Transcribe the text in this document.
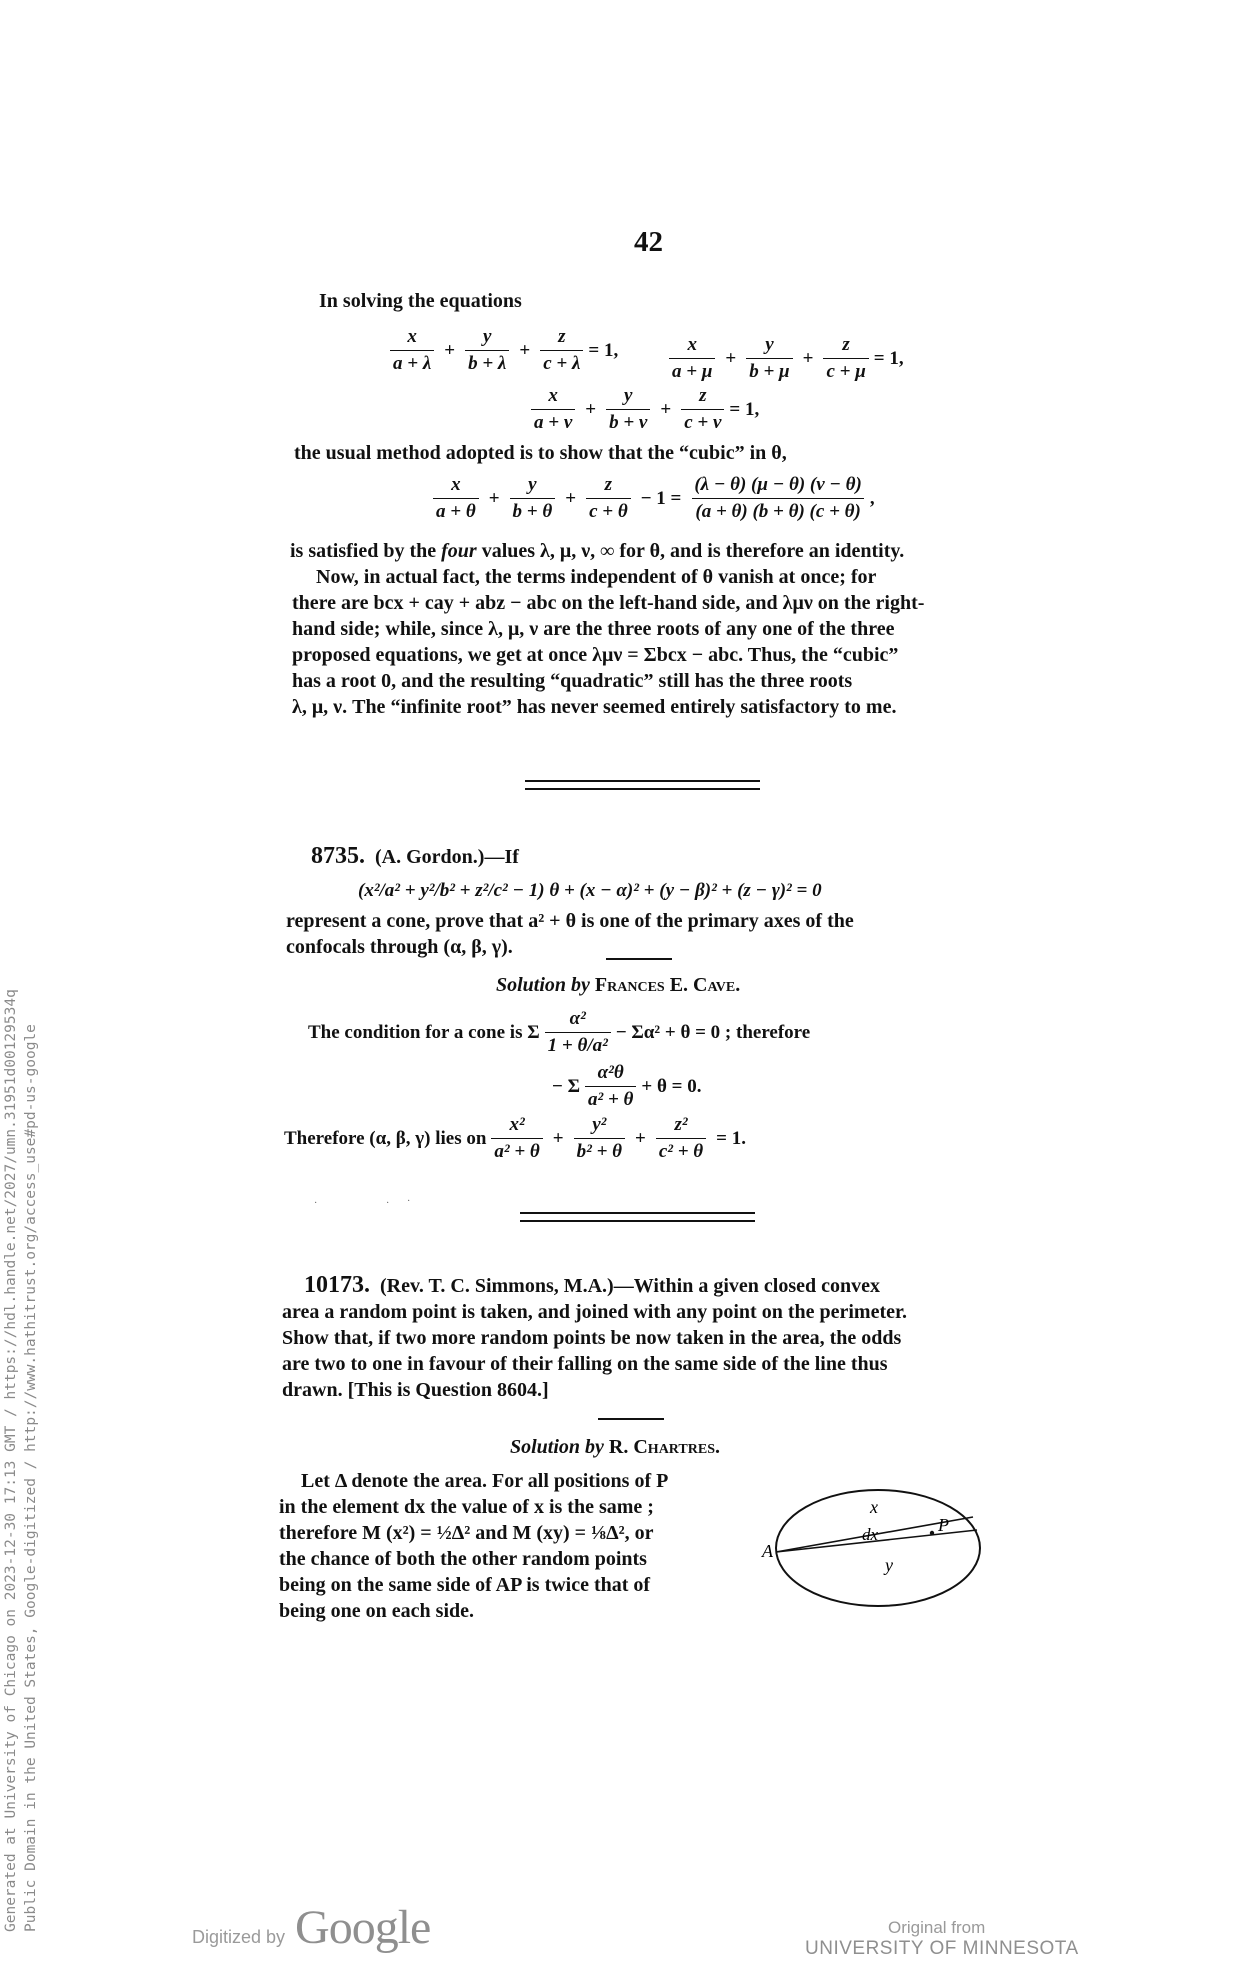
Generated at University of Chicago on 2023-12-30 17:13 GMT / https://hdl.handle.net/2027/umn.31951d00129534q Public Domain in the United States, Google-digitized / http://www.hathitrust.org/access_use#pd-us-google
42
In solving the equations
$\frac{x}{a + \lambda} + \frac{y}{b + \lambda} + \frac{z}{c + \lambda} = 1$,	$\frac{x}{a + \mu} + \frac{y}{b + \mu} + \frac{z}{c + \mu} = 1$,
$\frac{x}{a + \nu} + \frac{y}{b + \nu} + \frac{z}{c + \nu} = 1$,
the usual method adopted is to show that the “cubic” in θ,
$\frac{x}{a + \theta} + \frac{y}{b + \theta} + \frac{z}{c + \theta} - 1 = \frac{(\lambda - \theta) (\mu - \theta) (\nu - \theta)}{(a + \theta) (b + \theta) (c + \theta)}$ ,
is satisfied by the four values λ, μ, ν, ∞ for θ, and is therefore an identity.
Now, in actual fact, the terms independent of θ vanish at once; for
there are bcx + cay + abz − abc on the left-hand side, and λμν on the right-
hand side; while, since λ, μ, ν are the three roots of any one of the three
proposed equations, we get at once λμν = Σbcx − abc. Thus, the “cubic”
has a root 0, and the resulting “quadratic” still has the three roots
λ, μ, ν. The “infinite root” has never seemed entirely satisfactory to me.
8735. (A. Gordon.)—If
(x²/a² + y²/b² + z²/c² − 1) θ + (x − α)² + (y − β)² + (z − γ)² = 0
represent a cone, prove that a² + θ is one of the primary axes of the
confocals through (α, β, γ).
Solution by Frances E. Cave.
The condition for a cone is Σ $\frac{\text{α²}}{\text{1 + θ/a²}} - \Sigma\alpha^2 + \theta = 0$ ; therefore
− Σ $\frac{\text{α²θ}}{\text{a² + θ}} + \theta = 0$.
Therefore (α, β, γ) lies on $\frac{\text{x²}}{\text{a² + θ}} + \frac{\text{y²}}{\text{b² + θ}} + \frac{\text{z²}}{\text{c² + θ}} = 1$.
·	· ·
10173. (Rev. T. C. Simmons, M.A.)—Within a given closed convex
area a random point is taken, and joined with any point on the perimeter.
Show that, if two more random points be now taken in the area, the odds
are two to one in favour of their falling on the same side of the line thus
drawn. [This is Question 8604.]
Solution by R. Chartres.
Let Δ denote the area. For all positions of P
in the element dx the value of x is the same ;
therefore M (x²) = ½Δ² and M (xy) = ⅛Δ², or
the chance of both the other random points
being on the same side of AP is twice that of
being one on each side.
x
dx	P
A
y
Digitized by Google	Original from
UNIVERSITY OF MINNESOTA
